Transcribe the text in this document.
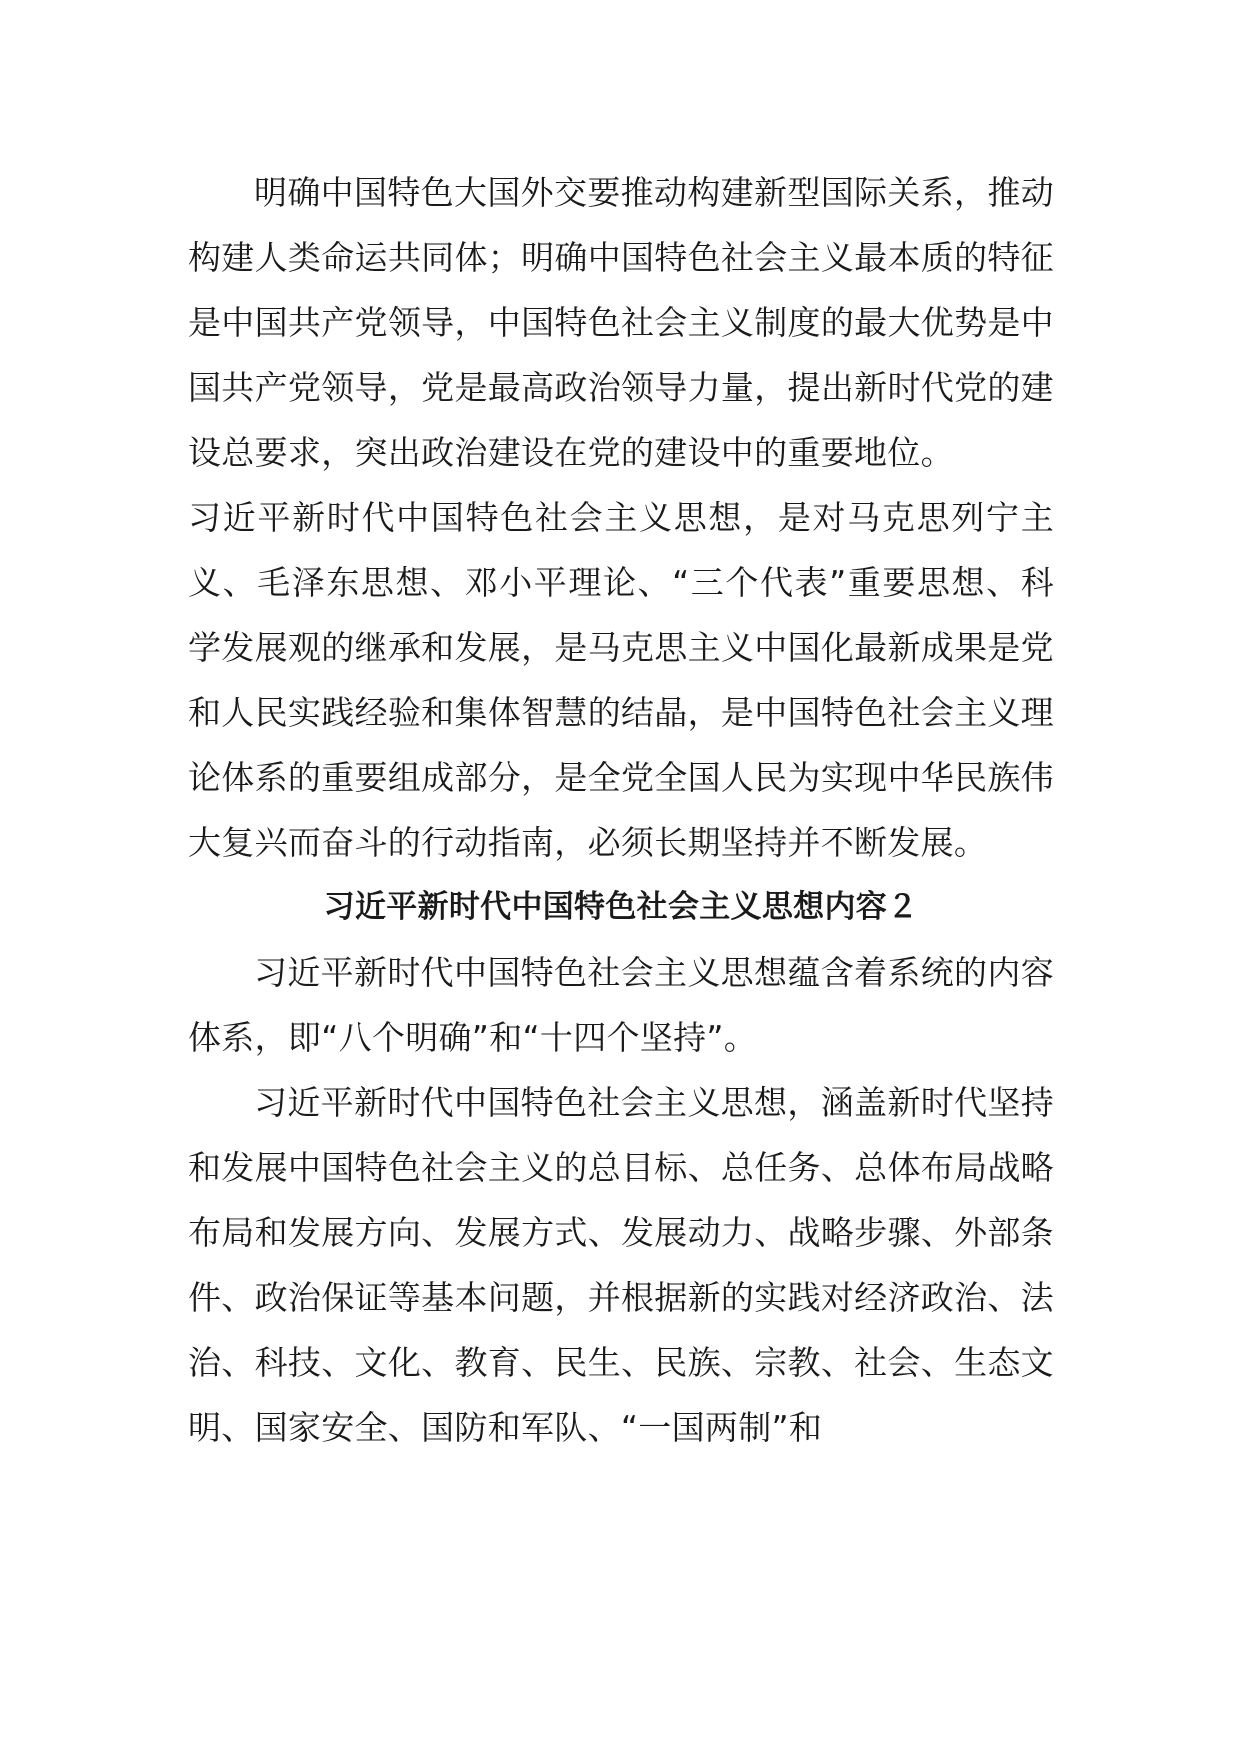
明确中国特色大国外交要推动构建新型国际关系，推动构建人类命运共同体；明确中国特色社会主义最本质的特征是中国共产党领导，中国特色社会主义制度的最大优势是中国共产党领导，党是最高政治领导力量，提出新时代党的建设总要求，突出政治建设在党的建设中的重要地位。

习近平新时代中国特色社会主义思想，是对马克思列宁主义、毛泽东思想、邓小平理论、“三个代表”重要思想、科学发展观的继承和发展，是马克思主义中国化最新成果是党和人民实践经验和集体智慧的结晶，是中国特色社会主义理论体系的重要组成部分，是全党全国人民为实现中华民族伟大复兴而奋斗的行动指南，必须长期坚持并不断发展。

习近平新时代中国特色社会主义思想内容２

习近平新时代中国特色社会主义思想蕴含着系统的内容体系，即“八个明确”和“十四个坚持”。

习近平新时代中国特色社会主义思想，涵盖新时代坚持和发展中国特色社会主义的总目标、总任务、总体布局战略布局和发展方向、发展方式、发展动力、战略步骤、外部条件、政治保证等基本问题，并根据新的实践对经济政治、法治、科技、文化、教育、民生、民族、宗教、社会、生态文明、国家安全、国防和军队、“一国两制”和
